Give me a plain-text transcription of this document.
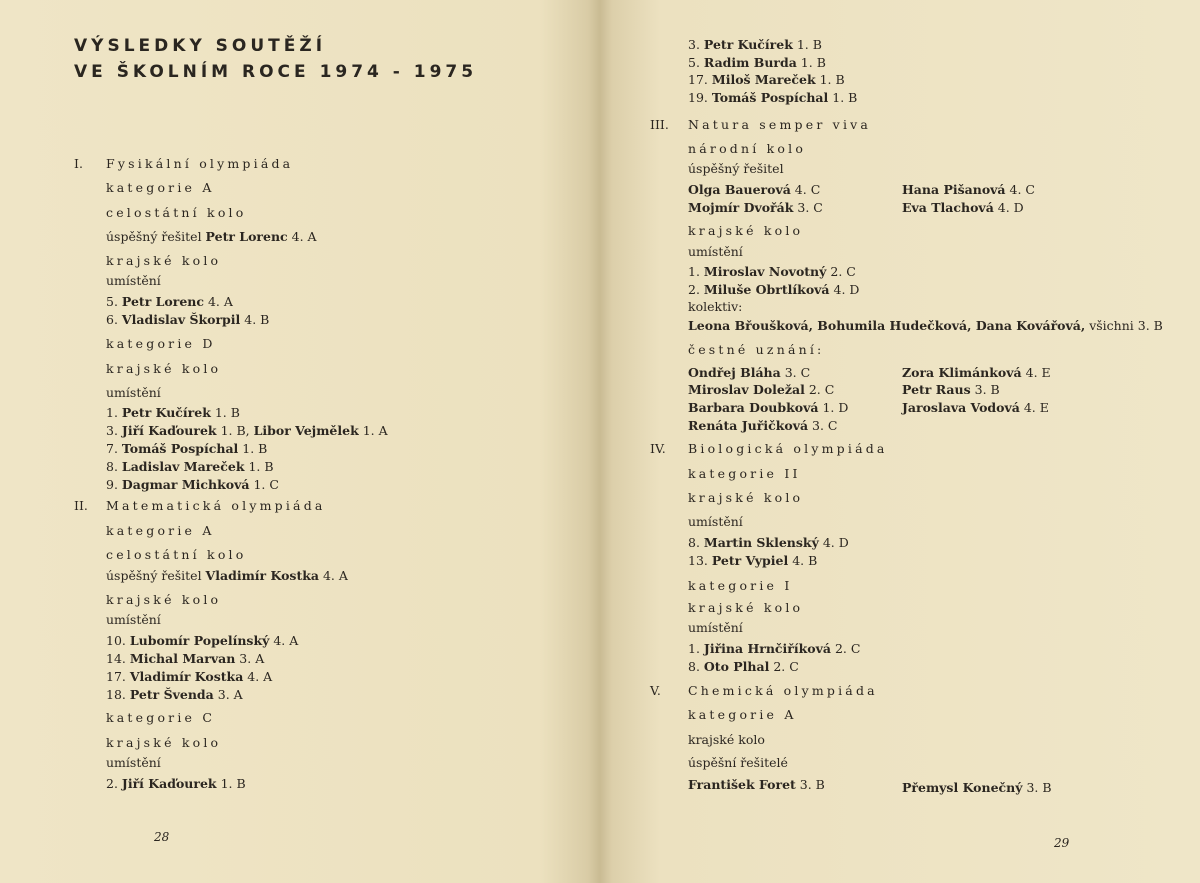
VÝSLEDKY SOUTĚŽÍ
VE ŠKOLNÍM ROCE 1974 - 1975
28
I. Fysikální olympiáda
kategorie A
celostátní kolo
úspěšný řešitel Petr Lorenc 4. A
krajské kolo
umístění
5. Petr Lorenc 4. A
6. Vladislav Škorpil 4. B
kategorie D
krajské kolo
umístění
1. Petr Kučírek 1. B
3. Jiří Kaďourek 1. B, Libor Vejmělek 1. A
7. Tomáš Pospíchal 1. B
8. Ladislav Mareček 1. B
9. Dagmar Michková 1. C
II. Matematická olympiáda
kategorie A
celostátní kolo
úspěšný řešitel Vladimír Kostka 4. A
krajské kolo
umístění
10. Lubomír Popelínský 4. A
14. Michal Marvan 3. A
17. Vladimír Kostka 4. A
18. Petr Švenda 3. A
kategorie C
krajské kolo
umístění
2. Jiří Kaďourek 1. B
29
3. Petr Kučírek 1. B
5. Radim Burda 1. B
17. Miloš Mareček 1. B
19. Tomáš Pospíchal 1. B
III. Natura semper viva
národní kolo
úspěšný řešitel
Olga Bauerová 4. C	Hana Pišanová 4. C
Mojmír Dvořák 3. C	Eva Tlachová 4. D
krajské kolo
umístění
1. Miroslav Novotný 2. C
2. Miluše Obrtlíková 4. D
kolektiv:
Leona Břoušková, Bohumila Hudečková, Dana Kovářová, všichni 3. B
čestné uznání:
Ondřej Bláha 3. C	Zora Klimánková 4. E
Miroslav Doležal 2. C	Petr Raus 3. B
Barbara Doubková 1. D	Jaroslava Vodová 4. E
Renáta Juřičková 3. C
IV. Biologická olympiáda
kategorie II
krajské kolo
umístění
8. Martin Sklenský 4. D
13. Petr Vypiel 4. B
kategorie I
krajské kolo
umístění
1. Jiřina Hrnčiříková 2. C
8. Oto Plhal 2. C
V. Chemická olympiáda
kategorie A
krajské kolo
úspěšní řešitelé
František Foret 3. B	Přemysl Konečný 3. B
